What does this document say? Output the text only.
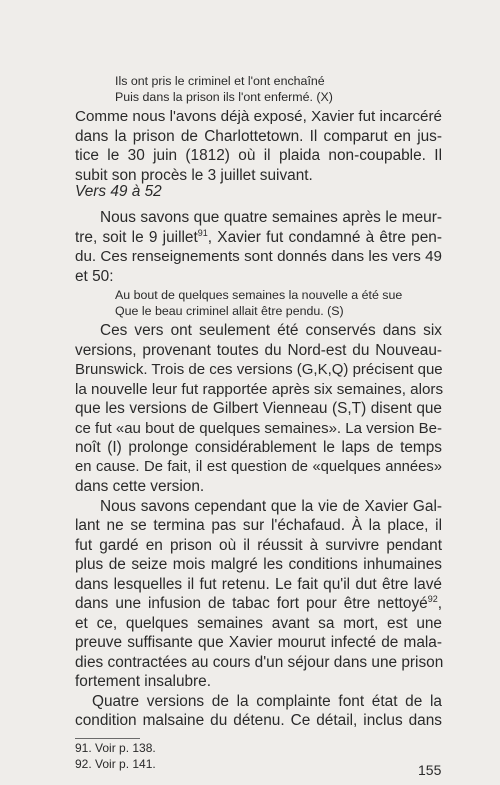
Ils ont pris le criminel et l'ont enchaîné
Puis dans la prison ils l'ont enfermé. (X)
Comme nous l'avons déjà exposé, Xavier fut incarcéré
dans la prison de Charlottetown. Il comparut en jus-
tice le 30 juin (1812) où il plaida non-coupable. Il
subit son procès le 3 juillet suivant.
Vers 49 à 52
Nous savons que quatre semaines après le meur-
tre, soit le 9 juillet$^{91}$, Xavier fut condamné à être pen-
du. Ces renseignements sont donnés dans les vers 49
et 50:
Au bout de quelques semaines la nouvelle a été sue
Que le beau criminel allait être pendu. (S)
Ces vers ont seulement été conservés dans six
versions, provenant toutes du Nord-est du Nouveau-
Brunswick. Trois de ces versions (G,K,Q) précisent que
la nouvelle leur fut rapportée après six semaines, alors
que les versions de Gilbert Vienneau (S,T) disent que
ce fut «au bout de quelques semaines». La version Be-
noît (I) prolonge considérablement le laps de temps
en cause. De fait, il est question de «quelques années»
dans cette version.
Nous savons cependant que la vie de Xavier Gal-
lant ne se termina pas sur l'échafaud. À la place, il
fut gardé en prison où il réussit à survivre pendant
plus de seize mois malgré les conditions inhumaines
dans lesquelles il fut retenu. Le fait qu'il dut être lavé
dans une infusion de tabac fort pour être nettoyé$^{92}$,
et ce, quelques semaines avant sa mort, est une
preuve suffisante que Xavier mourut infecté de mala-
dies contractées au cours d'un séjour dans une prison
fortement insalubre.
Quatre versions de la complainte font état de la
condition malsaine du détenu. Ce détail, inclus dans
91. Voir p. 138.
92. Voir p. 141.	155
